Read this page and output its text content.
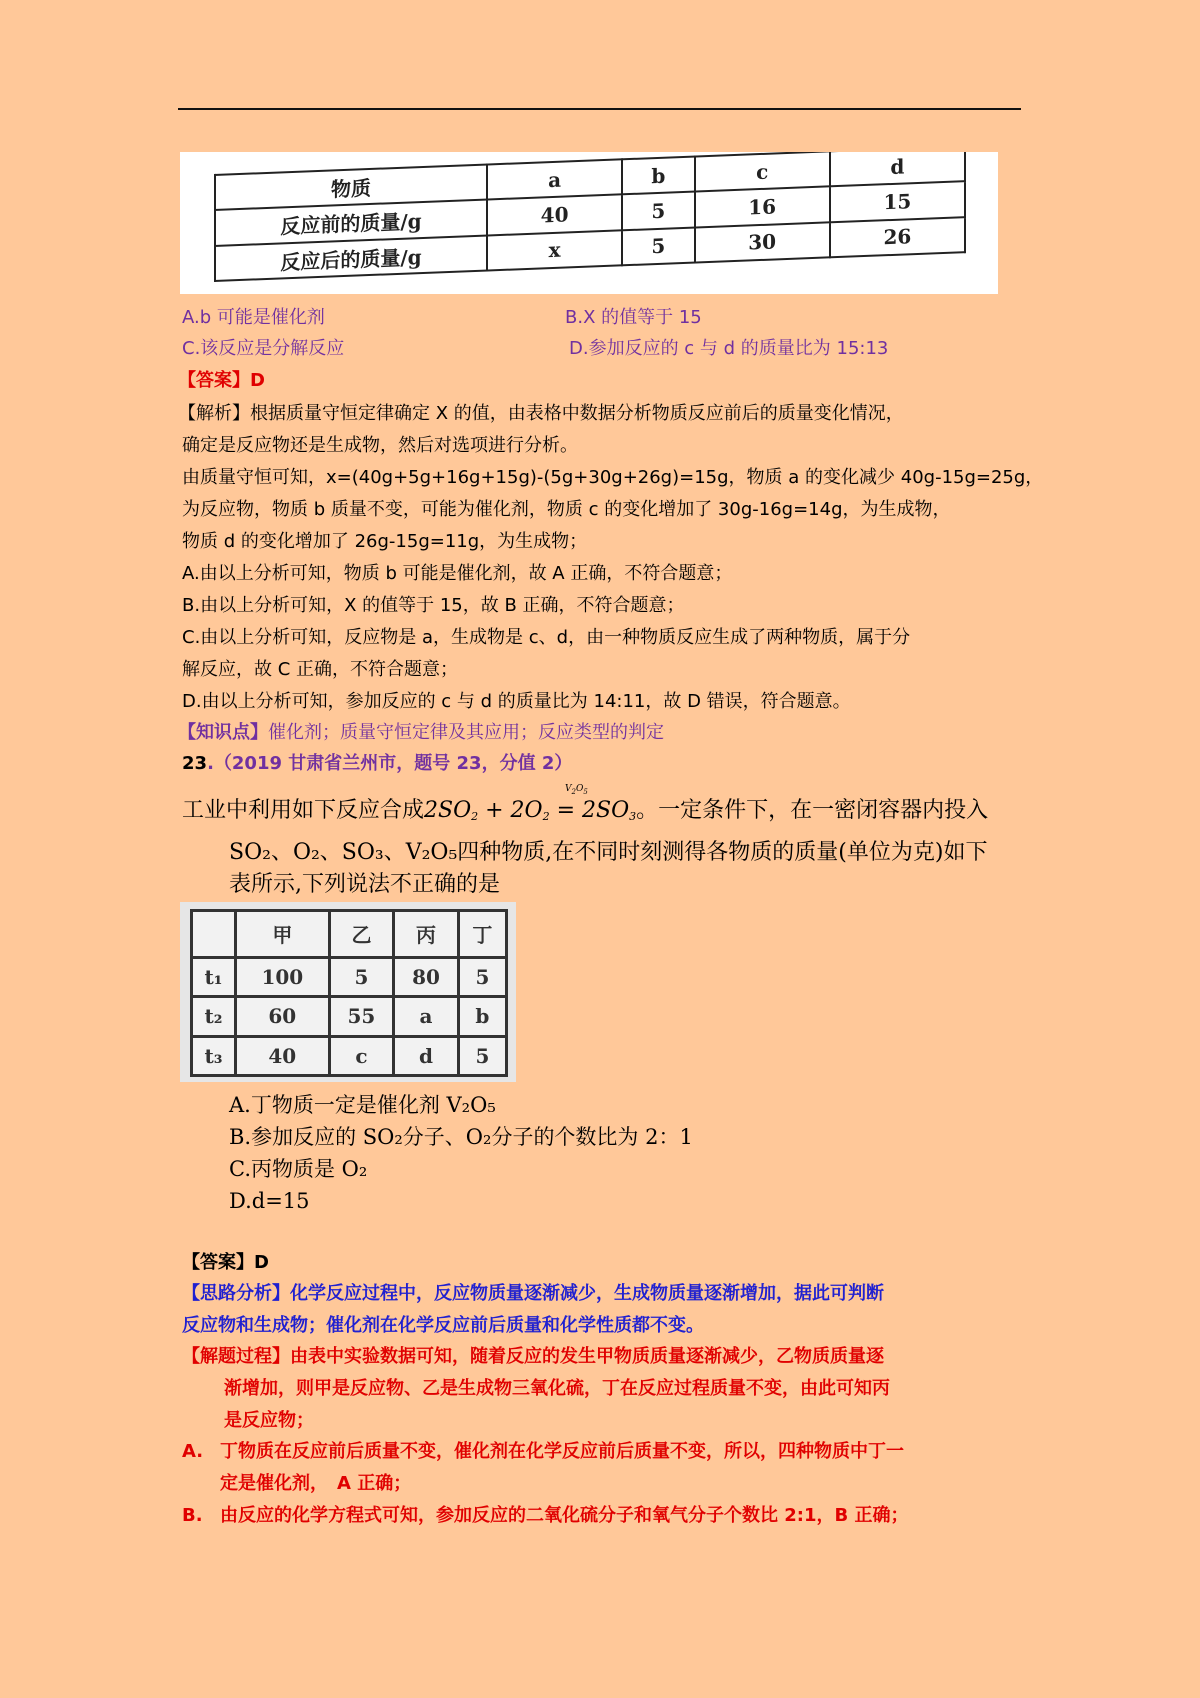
物质	a	b	c	d
反应前的质量/g	40	5	16	15
反应后的质量/g	x	5	30	26
A.b 可能是催化剂	B.X 的值等于 15
C.该反应是分解反应	D.参加反应的 c 与 d 的质量比为 15:13
【答案】D
【解析】根据质量守恒定律确定 X 的值，由表格中数据分析物质反应前后的质量变化情况，
确定是反应物还是生成物，然后对选项进行分析。
由质量守恒可知，x=(40g+5g+16g+15g)-(5g+30g+26g)=15g，物质 a 的变化减少 40g-15g=25g，
为反应物，物质 b 质量不变，可能为催化剂，物质 c 的变化增加了 30g-16g=14g，为生成物，
物质 d 的变化增加了 26g-15g=11g，为生成物；
A.由以上分析可知，物质 b 可能是催化剂，故 A 正确，不符合题意；
B.由以上分析可知，X 的值等于 15，故 B 正确，不符合题意；
C.由以上分析可知，反应物是 a，生成物是 c、d，由一种物质反应生成了两种物质，属于分
解反应，故 C 正确，不符合题意；
D.由以上分析可知，参加反应的 c 与 d 的质量比为 14:11，故 D 错误，符合题意。
【知识点】催化剂；质量守恒定律及其应用；反应类型的判定
23.（2019 甘肃省兰州市，题号 23，分值 2）
工业中利用如下反应合成$2SO_2 + 2O_2 = 2SO_3$。一定条件下，在一密闭容器内投入
$V_2O_5$
SO₂、O₂、SO₃、V₂O₅四种物质,在不同时刻测得各物质的质量(单位为克)如下
表所示,下列说法不正确的是
	甲	乙	丙	丁
t₁	100	5	80	5
t₂	60	55	a	b
t₃	40	c	d	5
A.丁物质一定是催化剂 V₂O₅
B.参加反应的 SO₂分子、O₂分子的个数比为 2：1
C.丙物质是 O₂
D.d=15
【答案】D
【思路分析】化学反应过程中，反应物质量逐渐减少，生成物质量逐渐增加，据此可判断
反应物和生成物；催化剂在化学反应前后质量和化学性质都不变。
【解题过程】由表中实验数据可知，随着反应的发生甲物质质量逐渐减少，乙物质质量逐
渐增加，则甲是反应物、乙是生成物三氧化硫，丁在反应过程质量不变，由此可知丙
是反应物；
A. 丁物质在反应前后质量不变，催化剂在化学反应前后质量不变，所以，四种物质中丁一
定是催化剂，　A 正确；
B. 由反应的化学方程式可知，参加反应的二氧化硫分子和氧气分子个数比 2:1，B 正确；
